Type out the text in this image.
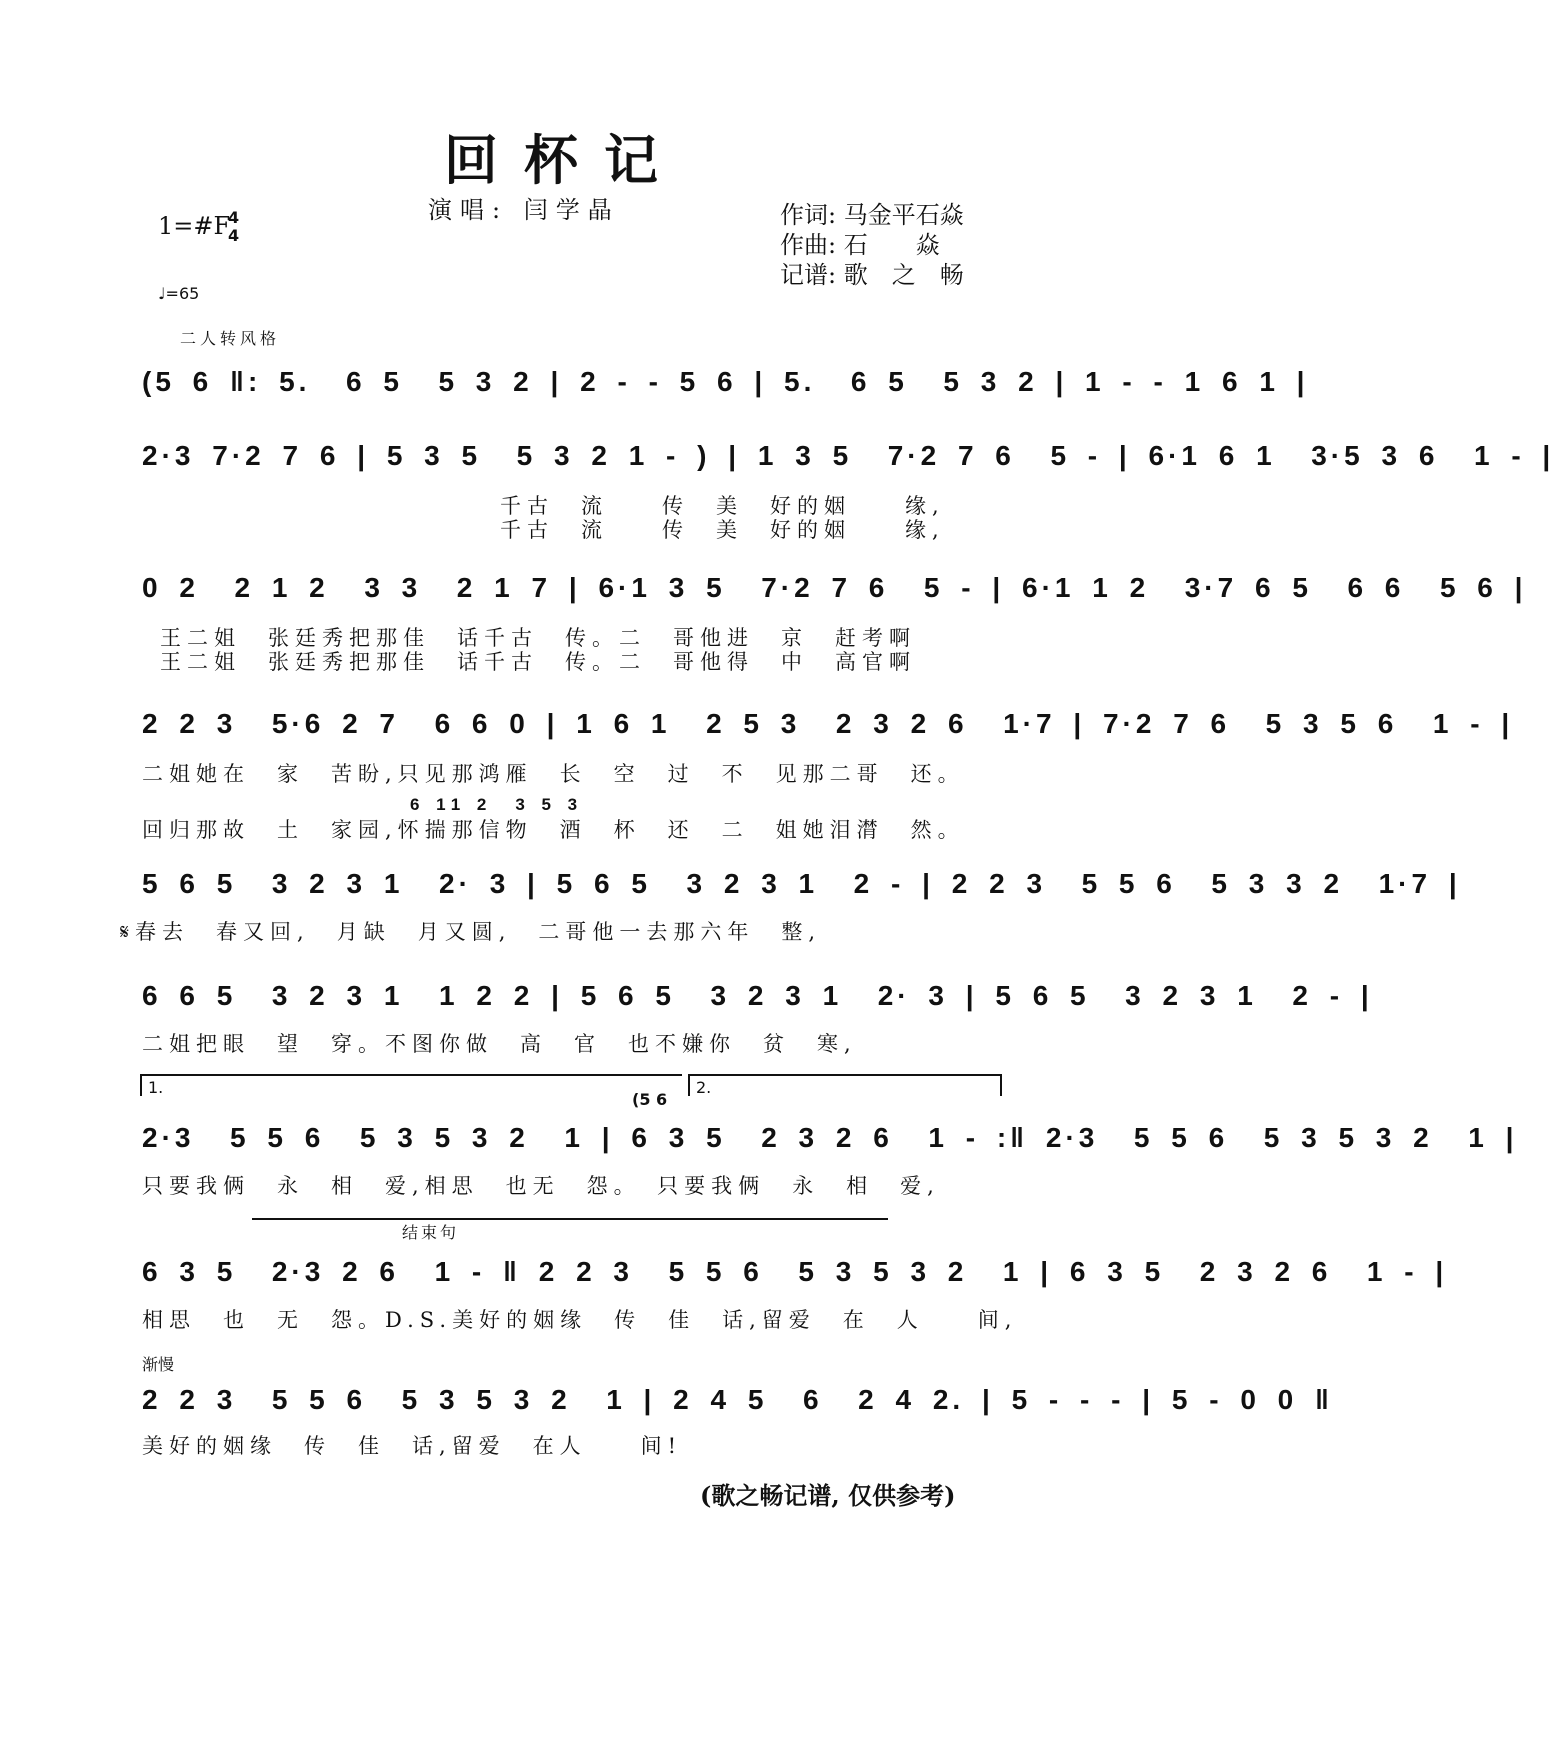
回杯记
演唱: 闫学晶
1=#F
4
4
♩=65
作词: 马金平石焱
作曲: 石　　焱
记谱: 歌　之　畅
二人转风格
(5 6 ‖: 5.  6 5  5 3 2 | 2 - - 5 6 | 5.  6 5  5 3 2 | 1 - - 1 6 1 |
2·3 7·2 7 6 | 5 3 5  5 3 2 1 - ) | 1 3 5  7·2 7 6  5 - | 6·1 6 1  3·5 3 6  1 - |
千古　流　　传　美　好的姻　　缘,
千古　流　　传　美　好的姻　　缘,
0 2  2 1 2  3 3  2 1 7 | 6·1 3 5  7·2 7 6  5 - | 6·1 1 2  3·7 6 5  6 6  5 6 |
王二姐　张廷秀把那佳　话千古　传。二　哥他进　京　赶考啊
王二姐　张廷秀把那佳　话千古　传。二　哥他得　中　高官啊
2 2 3  5·6 2 7  6 6 0 | 1 6 1  2 5 3  2 3 2 6  1·7 | 7·2 7 6  5 3 5 6  1 - |
二姐她在　家　苦盼,只见那鸿雁　长　空　过　不　见那二哥　还。
6 11 2　3 5 3
回归那故　土　家园,怀揣那信物　酒　杯　还　二　姐她泪潸　然。
5 6 5  3 2 3 1  2· 3 | 5 6 5  3 2 3 1  2 - | 2 2 3  5 5 6  5 3 3 2  1·7 |
𝄋春去　春又回,　月缺　月又圆,　二哥他一去那六年　整,
6 6 5  3 2 3 1  1 2 2 | 5 6 5  3 2 3 1  2· 3 | 5 6 5  3 2 3 1  2 - |
二姐把眼　望　穿。不图你做　高　官　也不嫌你　贫　寒,
1.
(5 6
2.
2·3  5 5 6  5 3 5 3 2  1 | 6 3 5  2 3 2 6  1 - :‖ 2·3  5 5 6  5 3 5 3 2  1 |
只要我俩　永　相　爱,相思　也无　怨。　只要我俩　永　相　爱,
结束句
6 3 5  2·3 2 6  1 - ‖ 2 2 3  5 5 6  5 3 5 3 2  1 | 6 3 5  2 3 2 6  1 - |
相思　也　无　怨。D.S.美好的姻缘　传　佳　话,留爱　在　人　　间,
渐慢
2 2 3  5 5 6  5 3 5 3 2  1 | 2 4 5  6  2 4 2. | 5 - - - | 5 - 0 0 ‖
美好的姻缘　传　佳　话,留爱　在人　　间!
(歌之畅记谱, 仅供参考)
